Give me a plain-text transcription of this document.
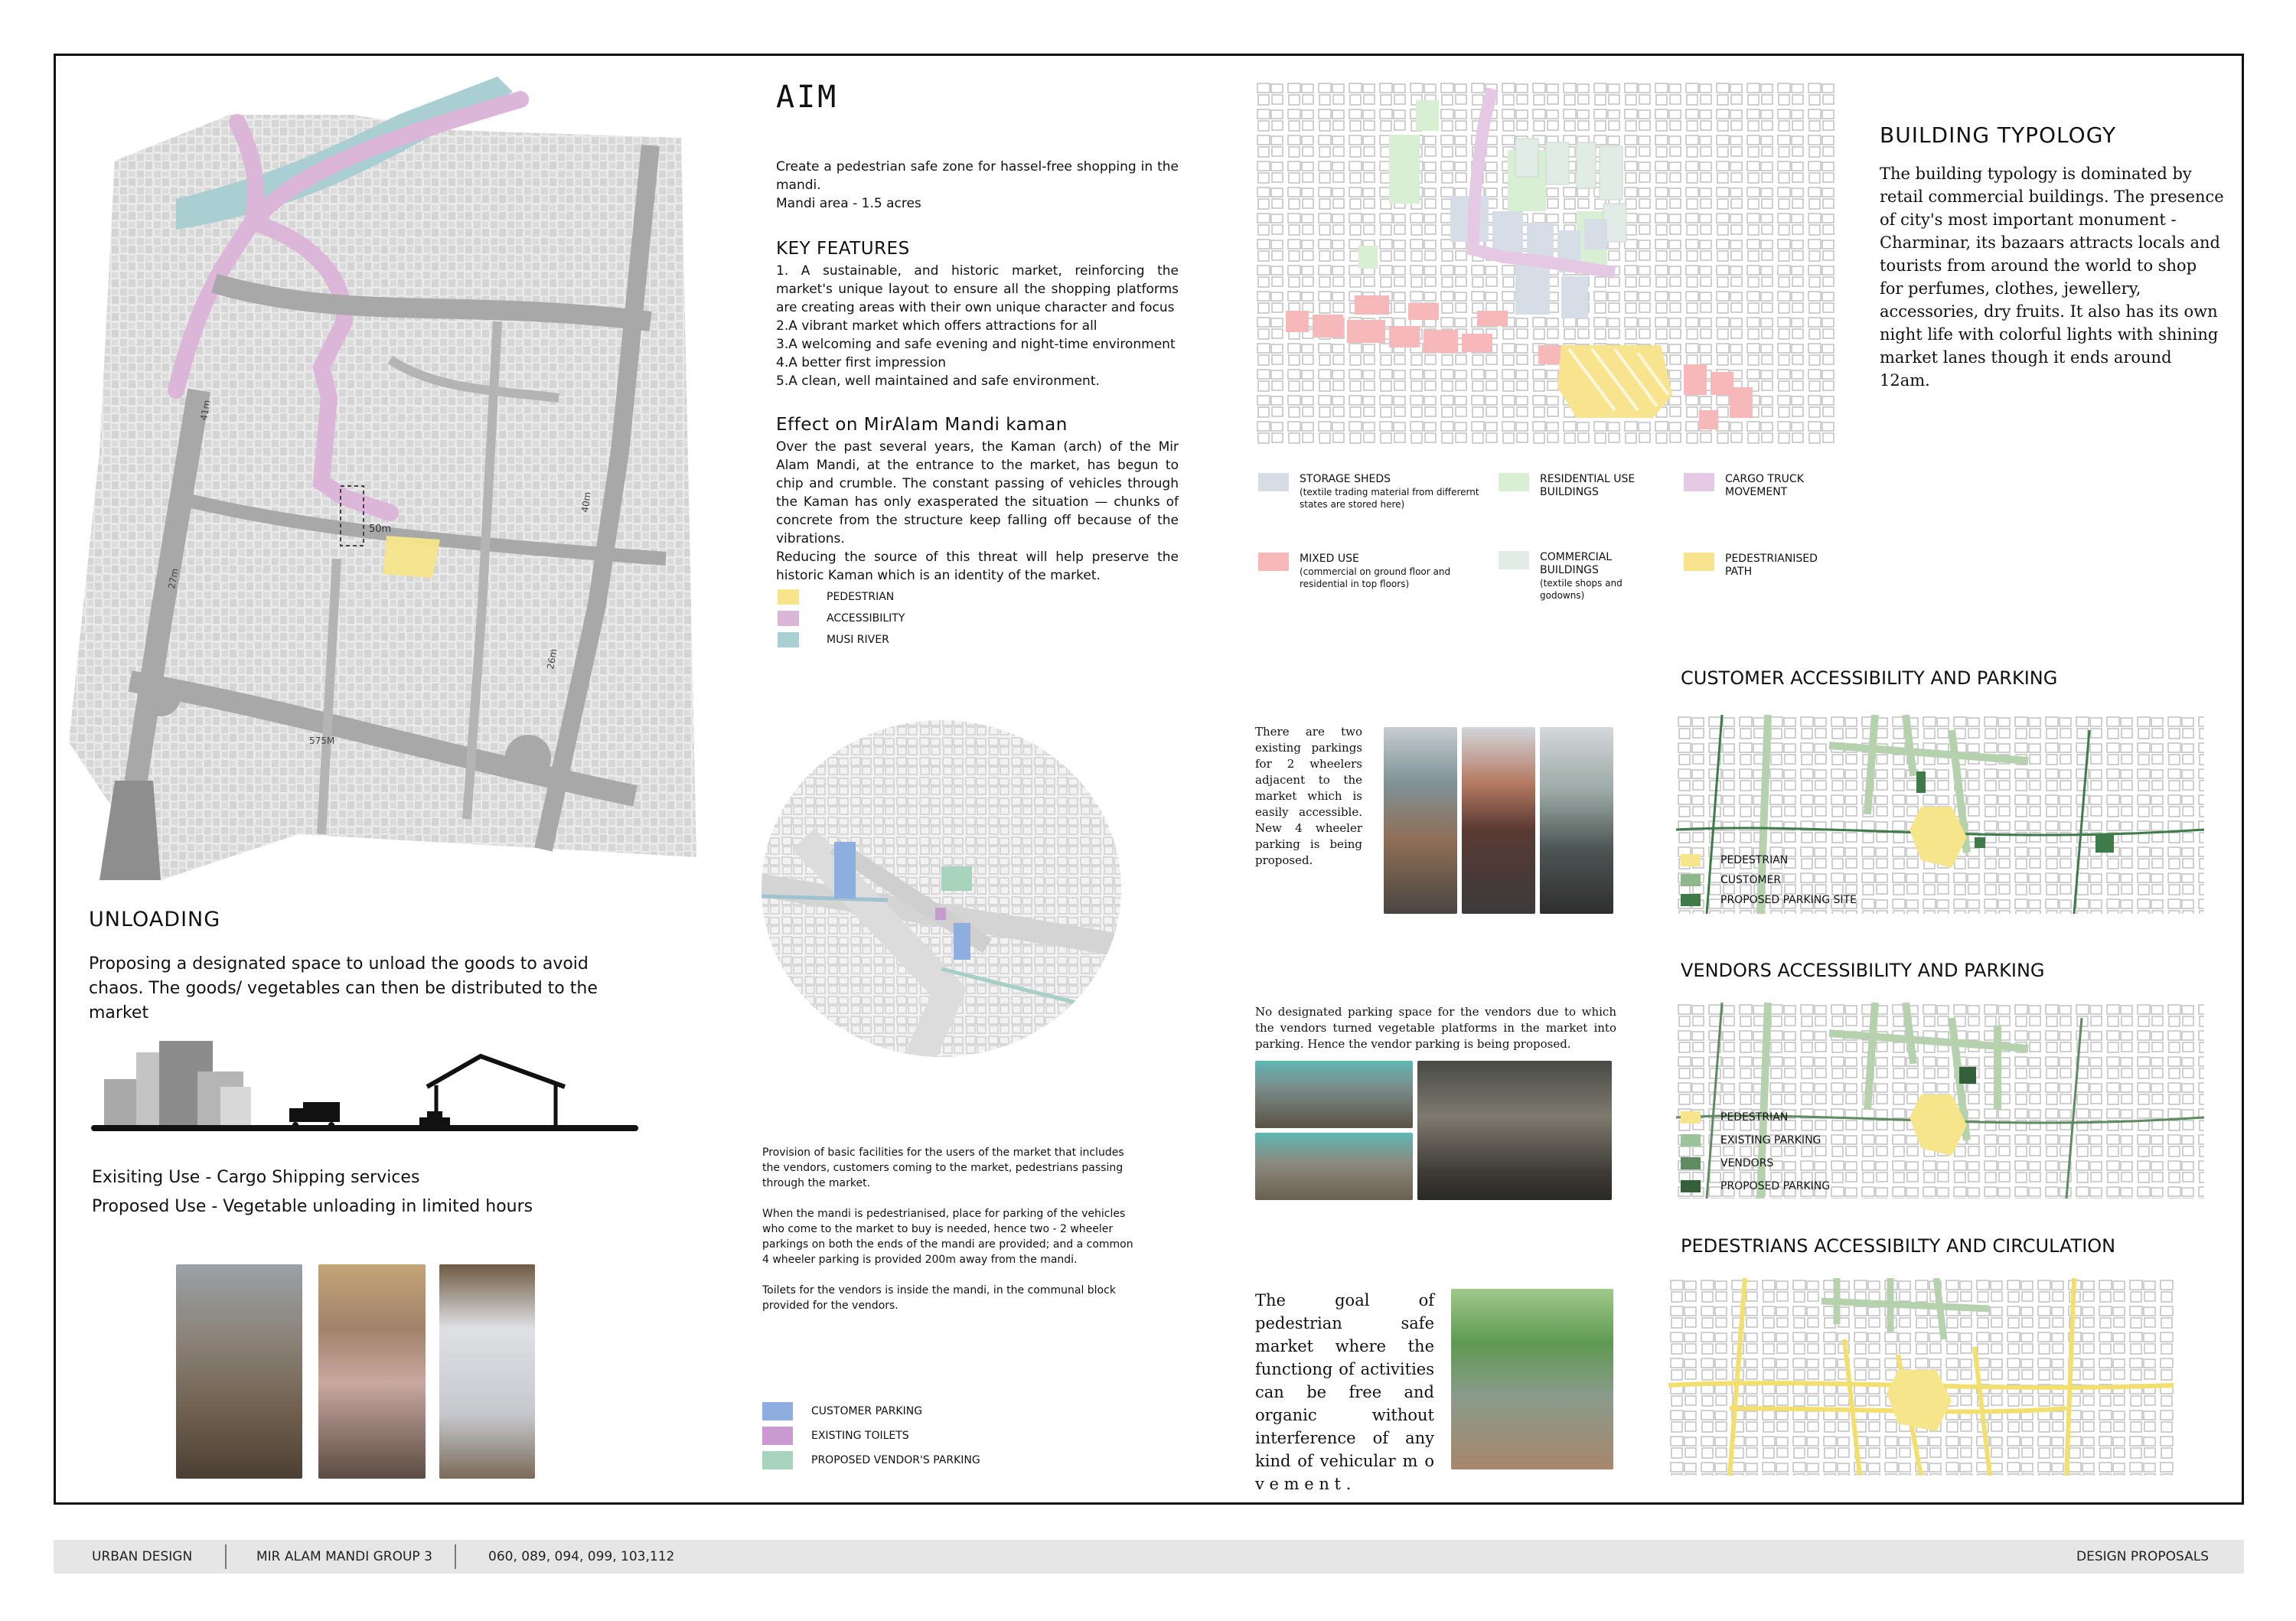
41m
50m
40m
27m
26m
575M
UNLOADING
Proposing a designated space to unload the goods to avoid chaos. The goods/ vegetables can then be distributed to the market
Exisiting Use - Cargo Shipping services
Proposed Use - Vegetable unloading in limited hours
AIM
Create a pedestrian safe zone for hassel-free shopping in the mandi.
Mandi area - 1.5 acres
KEY FEATURES
1. A sustainable, and historic market, reinforcing the market's unique layout to ensure all the shopping platforms are creating areas with their own unique character and focus
2.A vibrant market which offers attractions for all
3.A welcoming and safe evening and night-time environment
4.A better first impression
5.A clean, well maintained and safe environment.
Effect on MirAlam Mandi kaman
Over the past several years, the Kaman (arch) of the Mir Alam Mandi, at the entrance to the market, has begun to chip and crumble. The constant passing of vehicles through the Kaman has only exasperated the situation — chunks of concrete from the structure keep falling off because of the vibrations.
Reducing the source of this threat will help preserve the historic Kaman which is an identity of the market.
PEDESTRIAN
ACCESSIBILITY
MUSI RIVER
Provision of basic facilities for the users of the market that includes the vendors, customers coming to the market, pedestrians passing through the market.
When the mandi is pedestrianised, place for parking of the vehicles who come to the market to buy is needed, hence two - 2 wheeler parkings on both the ends of the mandi are provided; and a common 4 wheeler parking is provided 200m away from the mandi.
Toilets for the vendors is inside the mandi, in the communal block provided for the vendors.
CUSTOMER PARKING
EXISTING TOILETS
PROPOSED VENDOR'S PARKING
STORAGE SHEDS
(textile trading material from differernt states are stored here)
RESIDENTIAL USE BUILDINGS
CARGO TRUCK MOVEMENT
MIXED USE
(commercial on ground floor and residential in top floors)
COMMERCIAL BUILDINGS
(textile shops and godowns)
PEDESTRIANISED PATH
BUILDING TYPOLOGY
The building typology is dominated by retail commercial buildings. The presence of city's most important monument - Charminar, its bazaars attracts locals and tourists from around the world to shop for perfumes, clothes, jewellery, accessories, dry fruits. It also has its own night life with colorful lights with shining market lanes though it ends around 12am.
CUSTOMER ACCESSIBILITY AND PARKING
There are two existing parkings for 2 wheelers adjacent to the market which is easily accessible. New 4 wheeler parking is being proposed.	PEDESTRIAN
CUSTOMER
PROPOSED PARKING SITE
VENDORS ACCESSIBILITY AND PARKING
No designated parking space for the vendors due to which the vendors turned vegetable platforms in the market into parking. Hence the vendor parking is being proposed.
PEDESTRIAN
EXISTING PARKING
VENDORS
PROPOSED PARKING
PEDESTRIANS ACCESSIBILTY AND CIRCULATION
The goal of pedestrian safe market where the functiong of activities can be free and organic without interference of any kind of vehicular m o v e m e n t .
URBAN DESIGN	MIR ALAM MANDI GROUP 3	060, 089, 094, 099, 103,112	DESIGN PROPOSALS
